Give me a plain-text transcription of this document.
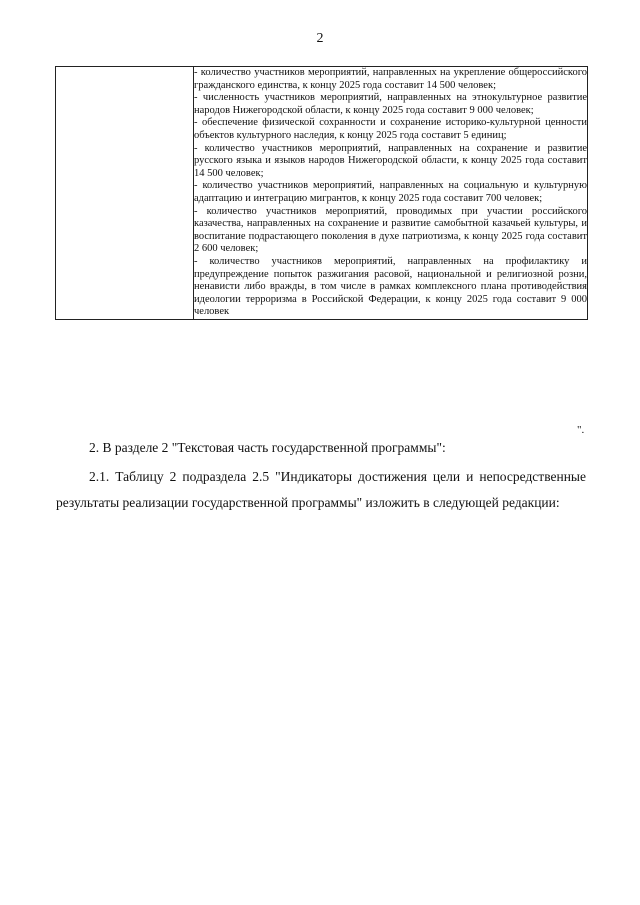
2

- количество участников мероприятий, направленных на укрепление общероссийского гражданского единства, к концу 2025 года составит 14 500 человек;
- численность участников мероприятий, направленных на этнокультурное развитие народов Нижегородской области, к концу 2025 года составит 9 000 человек;
- обеспечение физической сохранности и сохранение историко-культурной ценности объектов культурного наследия, к концу 2025 года составит 5 единиц;
- количество участников мероприятий, направленных на сохранение и развитие русского языка и языков народов Нижегородской области, к концу 2025 года составит 14 500 человек;
- количество участников мероприятий, направленных на социальную и культурную адаптацию и интеграцию мигрантов, к концу 2025 года составит 700 человек;
- количество участников мероприятий, проводимых при участии российского казачества, направленных на сохранение и развитие самобытной казачьей культуры, и воспитание подрастающего поколения в духе патриотизма, к концу 2025 года составит 2 600 человек;
- количество участников мероприятий, направленных на профилактику и предупреждение попыток разжигания расовой, национальной и религиозной розни, ненависти либо вражды, в том числе в рамках комплексного плана противодействия идеологии терроризма в Российской Федерации, к концу 2025 года составит 9 000 человек
".
2. В разделе 2 "Текстовая часть государственной программы":
2.1. Таблицу 2 подраздела 2.5 "Индикаторы достижения цели и непосредственные результаты реализации государственной программы" изложить в следующей редакции:
